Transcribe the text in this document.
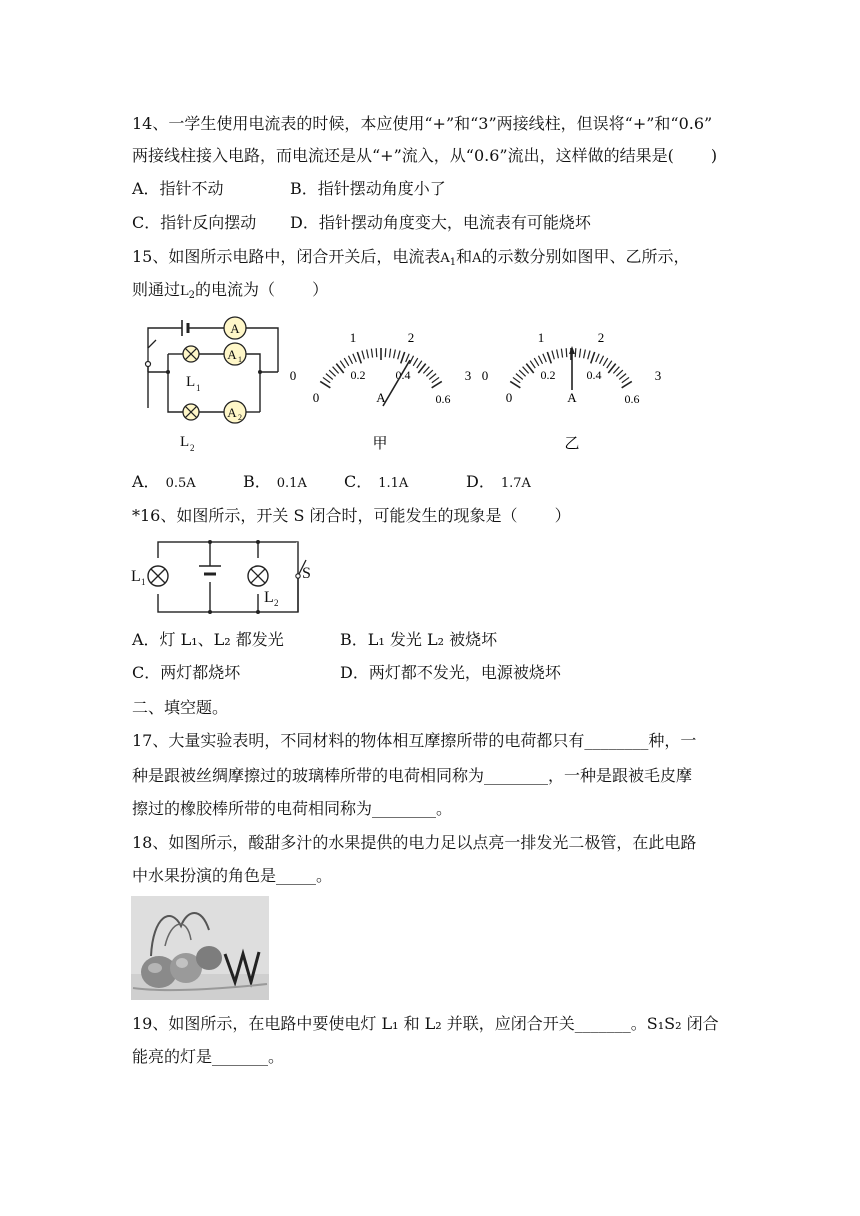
14、一学生使用电流表的时候，本应使用“+”和“3”两接线柱，但误将“+”和“0.6”
两接线柱接入电路，而电流还是从“+”流入，从“0.6”流出，这样做的结果是(　　 )
A．指针不动	B．指针摆动角度小了
C．指针反向摆动 D．指针摆动角度变大，电流表有可能烧坏
15、如图所示电路中，闭合开关后，电流表$A_1$和A的示数分别如图甲、乙所示，
则通过$L_2$的电流为（　　 ）
A
A 1
A 2
L 1
L 2
1	2
0	3
0
0.2	0.4
0.6
A
甲
1	2
0	3
0
0.2	0.4
0.6
A
乙
A． 0.5A	B． 0.1A C． 1.1A	D． 1.7A
*16、如图所示，开关 S 闭合时，可能发生的现象是（　　 ）
L 1
L 2
S
A．灯 L₁、L₂ 都发光	B．L₁ 发光 L₂ 被烧坏
C．两灯都烧坏	D．两灯都不发光，电源被烧坏
二、填空题。
17、大量实验表明，不同材料的物体相互摩擦所带的电荷都只有________种，一
种是跟被丝绸摩擦过的玻璃棒所带的电荷相同称为________，一种是跟被毛皮摩
擦过的橡胶棒所带的电荷相同称为________。
18、如图所示，酸甜多汁的水果提供的电力足以点亮一排发光二极管，在此电路
中水果扮演的角色是_____。
19、如图所示，在电路中要使电灯 L₁ 和 L₂ 并联，应闭合开关_______。S₁S₂ 闭合
能亮的灯是_______。
